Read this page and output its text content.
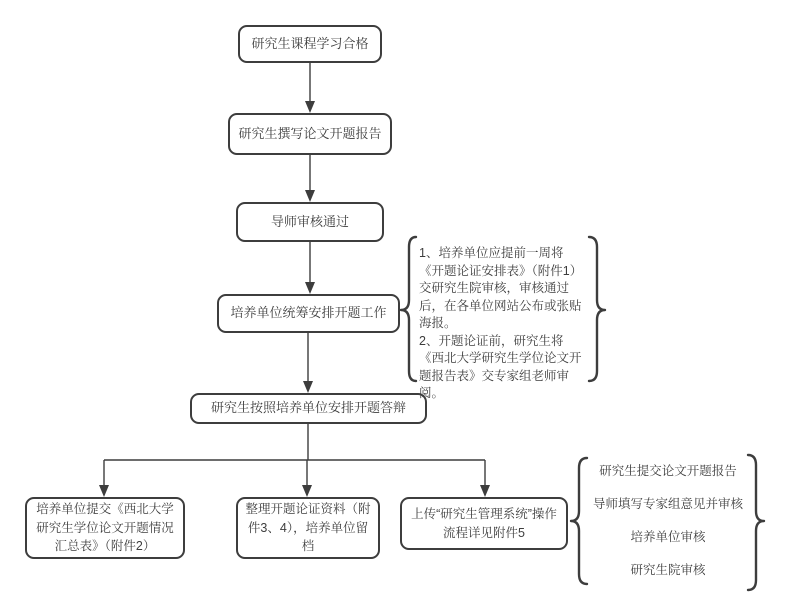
研究生课程学习合格
研究生撰写论文开题报告
导师审核通过
培养单位统筹安排开题工作
研究生按照培养单位安排开题答辩
培养单位提交《西北大学研究生学位论文开题情况汇总表》（附件2）
整理开题论证资料（附件3、4），培养单位留档
上传“研究生管理系统”操作流程详见附件5
1、培养单位应提前一周将《开题论证安排表》（附件1）交研究生院审核，审核通过后，在各单位网站公布或张贴海报。
2、开题论证前，研究生将《西北大学研究生学位论文开题报告表》交专家组老师审阅。
研究生提交论文开题报告
导师填写专家组意见并审核
培养单位审核
研究生院审核
